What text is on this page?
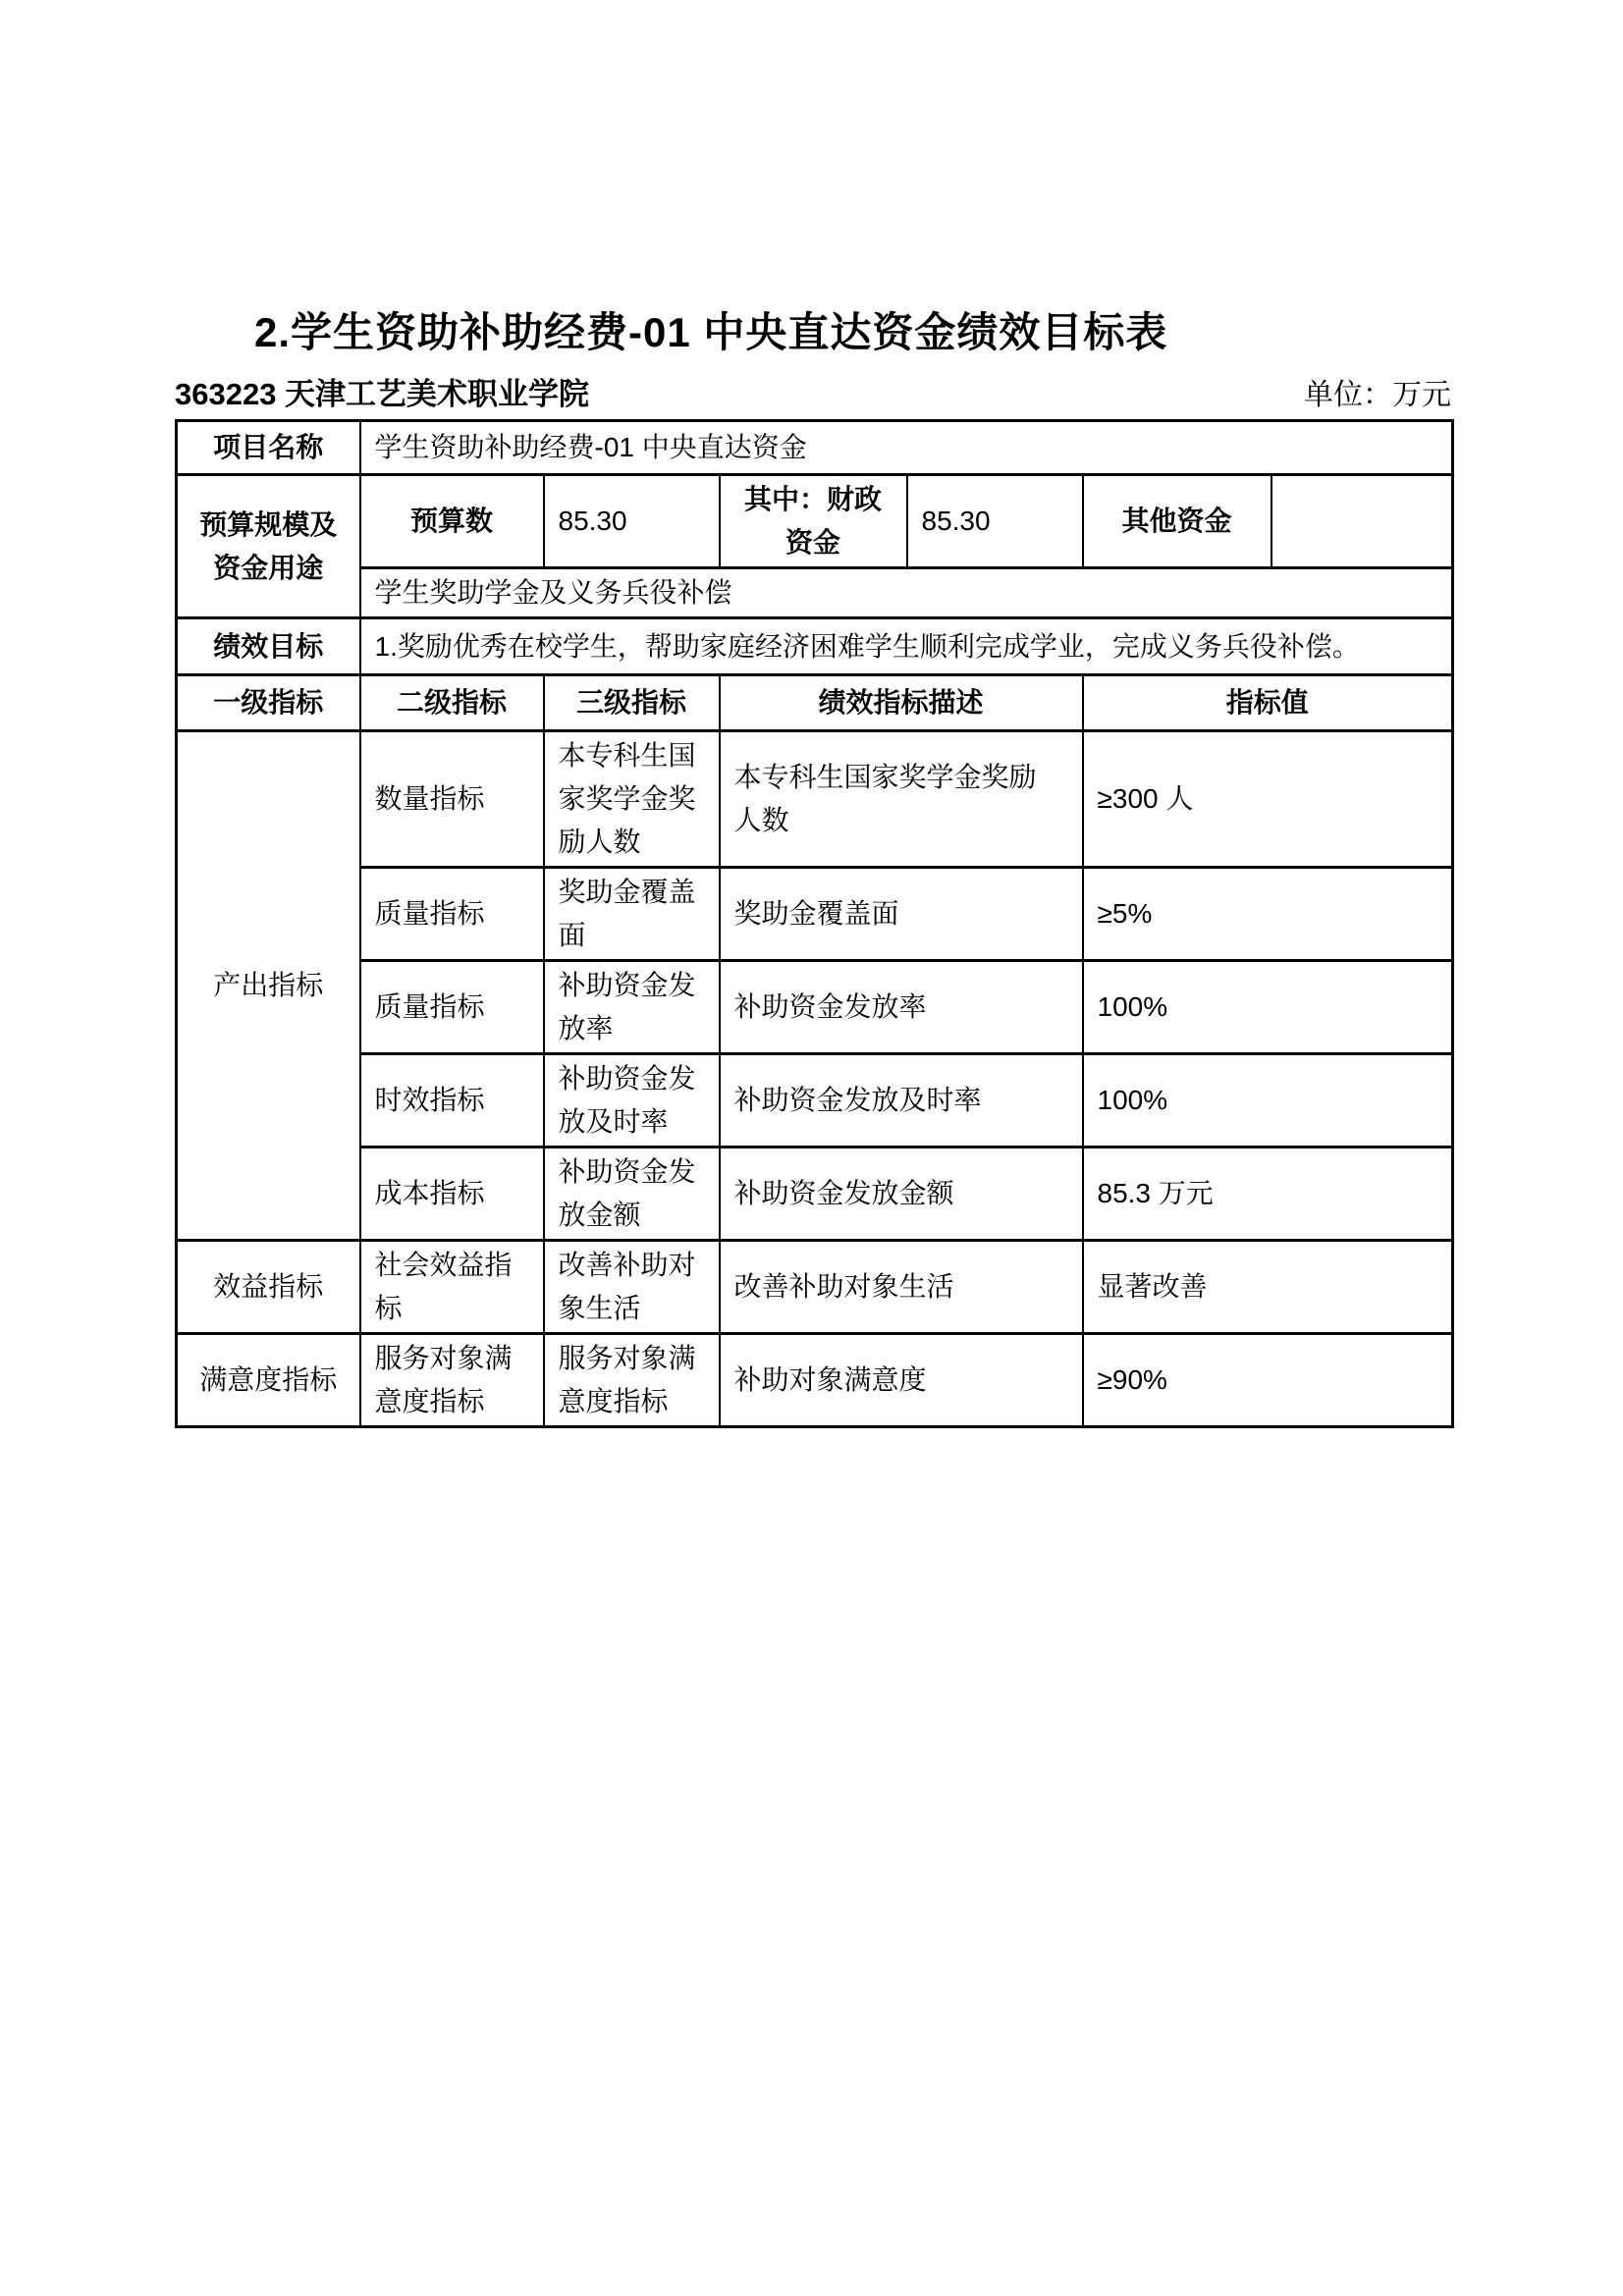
2.学生资助补助经费-01 中央直达资金绩效目标表
363223 天津工艺美术职业学院	单位：万元
项目名称	学生资助补助经费-01 中央直达资金					
预算规模及资金用途	预算数	85.30	其中：财政资金	85.30	其他资金	
	学生奖助学金及义务兵役补偿					
绩效目标	1.奖励优秀在校学生，帮助家庭经济困难学生顺利完成学业，完成义务兵役补偿。					
一级指标	二级指标	三级指标	绩效指标描述		指标值	
产出指标	数量指标	本专科生国家奖学金奖励人数	本专科生国家奖学金奖励人数		≥300 人	
	质量指标	奖助金覆盖面	奖助金覆盖面		≥5%	
	质量指标	补助资金发放率	补助资金发放率		100%	
	时效指标	补助资金发放及时率	补助资金发放及时率		100%	
	成本指标	补助资金发放金额	补助资金发放金额		85.3 万元	
效益指标	社会效益指标	改善补助对象生活	改善补助对象生活		显著改善	
满意度指标	服务对象满意度指标	服务对象满意度指标	补助对象满意度		≥90%	
